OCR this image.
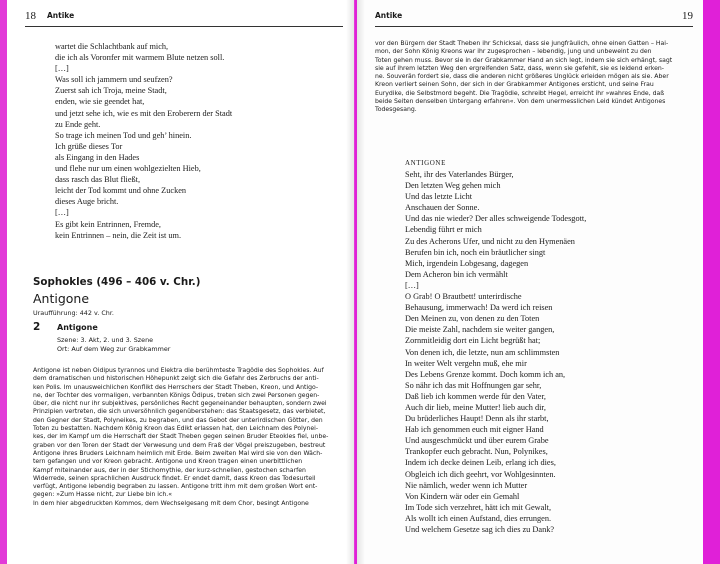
18 Antike
wartet die Schlachtbank auf mich,
die ich als Vorопfer mit warmem Blute netzen soll.
[…]
Was soll ich jammern und seufzen?
Zuerst sah ich Troja, meine Stadt,
enden, wie sie geendet hat,
und jetzt sehe ich, wie es mit den Eroberern der Stadt
zu Ende geht.
So trage ich meinen Tod und geh’ hinein.
Ich grüße dieses Tor
als Eingang in den Hades
und flehe nur um einen wohlgezielten Hieb,
dass rasch das Blut fließt,
leicht der Tod kommt und ohne Zucken
dieses Auge bricht.
[…]
Es gibt kein Entrinnen, Fremde,
kein Entrinnen – nein, die Zeit ist um.
Sophokles (496 – 406 v. Chr.)
Antigone
Uraufführung: 442 v. Chr.
2 Antigone
Szene: 3. Akt, 2. und 3. Szene
Ort: Auf dem Weg zur Grabkammer
Antigone ist neben Oidipus tyrannos und Elektra die berühmteste Tragödie des Sophokles. Auf
dem dramatischen und historischen Höhepunkt zeigt sich die Gefahr des Zerbruchs der anti-
ken Polis. Im unausweichlichen Konflikt des Herrschers der Stadt Theben, Kreon, und Antigo-
ne, der Tochter des vormaligen, verbannten Königs Ödipus, treten sich zwei Personen gegen-
über, die nicht nur ihr subjektives, persönliches Recht gegeneinander behaupten, sondern zwei
Prinzipien vertreten, die sich unversöhnlich gegenüberstehen: das Staatsgesetz, das verbietet,
den Gegner der Stadt, Polyneikes, zu begraben, und das Gebot der unterirdischen Götter, den
Toten zu bestatten. Nachdem König Kreon das Edikt erlassen hat, den Leichnam des Polynei-
kes, der im Kampf um die Herrschaft der Stadt Theben gegen seinen Bruder Eteokles fiel, unbe-
graben vor den Toren der Stadt der Verwesung und dem Fraß der Vögel preiszugeben, bestreut
Antigone ihres Bruders Leichnam heimlich mit Erde. Beim zweiten Mal wird sie von den Wäch-
tern gefangen und vor Kreon gebracht. Antigone und Kreon tragen einen unerbittlichen
Kampf miteinander aus, der in der Stichomythie, der kurz-schnellen, gestochen scharfen
Widerrede, seinen sprachlichen Ausdruck findet. Er endet damit, dass Kreon das Todesurteil
verfügt, Antigone lebendig begraben zu lassen. Antigone tritt ihm mit dem großen Wort ent-
gegen: »Zum Hasse nicht, zur Liebe bin ich.«
In dem hier abgedruckten Kommos, dem Wechselgesang mit dem Chor, besingt Antigone
Antike	19
vor den Bürgern der Stadt Theben ihr Schicksal, dass sie jungfräulich, ohne einen Gatten – Hai-
mon, der Sohn König Kreons war ihr zugesprochen – lebendig, jung und unbeweint zu den
Toten gehen muss. Bevor sie in der Grabkammer Hand an sich legt, indem sie sich erhängt, sagt
sie auf ihrem letzten Weg den ergreifenden Satz, dass, wenn sie gefehlt, sie es leidend erken-
ne. Souverän fordert sie, dass die anderen nicht größeres Unglück erleiden mögen als sie. Aber
Kreon verliert seinen Sohn, der sich in der Grabkammer Antigones ersticht, und seine Frau
Eurydike, die Selbstmord begeht. Die Tragödie, schreibt Hegel, erreicht ihr »wahres Ende, daß
beide Seiten denselben Untergang erfahren«. Von dem unermesslichen Leid kündet Antigones
Todesgesang.
ANTIGONE
Seht, ihr des Vaterlandes Bürger,
Den letzten Weg gehen mich
Und das letzte Licht
Anschauen der Sonne.
Und das nie wieder? Der alles schweigende Todesgott,
Lebendig führt er mich
Zu des Acherons Ufer, und nicht zu den Hymenäen
Berufen bin ich, noch ein bräutlicher singt
Mich, irgendein Lobgesang, dagegen
Dem Acheron bin ich vermählt
[…]
O Grab! O Brautbett! unterirdische
Behausung, immerwach! Da werd ich reisen
Den Meinen zu, von denen zu den Toten
Die meiste Zahl, nachdem sie weiter gangen,
Zornmitleidig dort ein Licht begrüßt hat;
Von denen ich, die letzte, nun am schlimmsten
In weiter Welt vergehn muß, ehe mir
Des Lebens Grenze kommt. Doch komm ich an,
So nähr ich das mit Hoffnungen gar sehr,
Daß lieb ich kommen werde für den Vater,
Auch dir lieb, meine Mutter! lieb auch dir,
Du brüderliches Haupt! Denn als ihr starbt,
Hab ich genommen euch mit eigner Hand
Und ausgeschmückt und über eurem Grabe
Trankopfer euch gebracht. Nun, Polynikes,
Indem ich decke deinen Leib, erlang ich dies,
Obgleich ich dich geehrt, vor Wohlgesinnten.
Nie nämlich, weder wenn ich Mutter
Von Kindern wär oder ein Gemahl
Im Tode sich verzehret, hätt ich mit Gewalt,
Als wollt ich einen Aufstand, dies errungen.
Und welchem Gesetze sag ich dies zu Dank?
